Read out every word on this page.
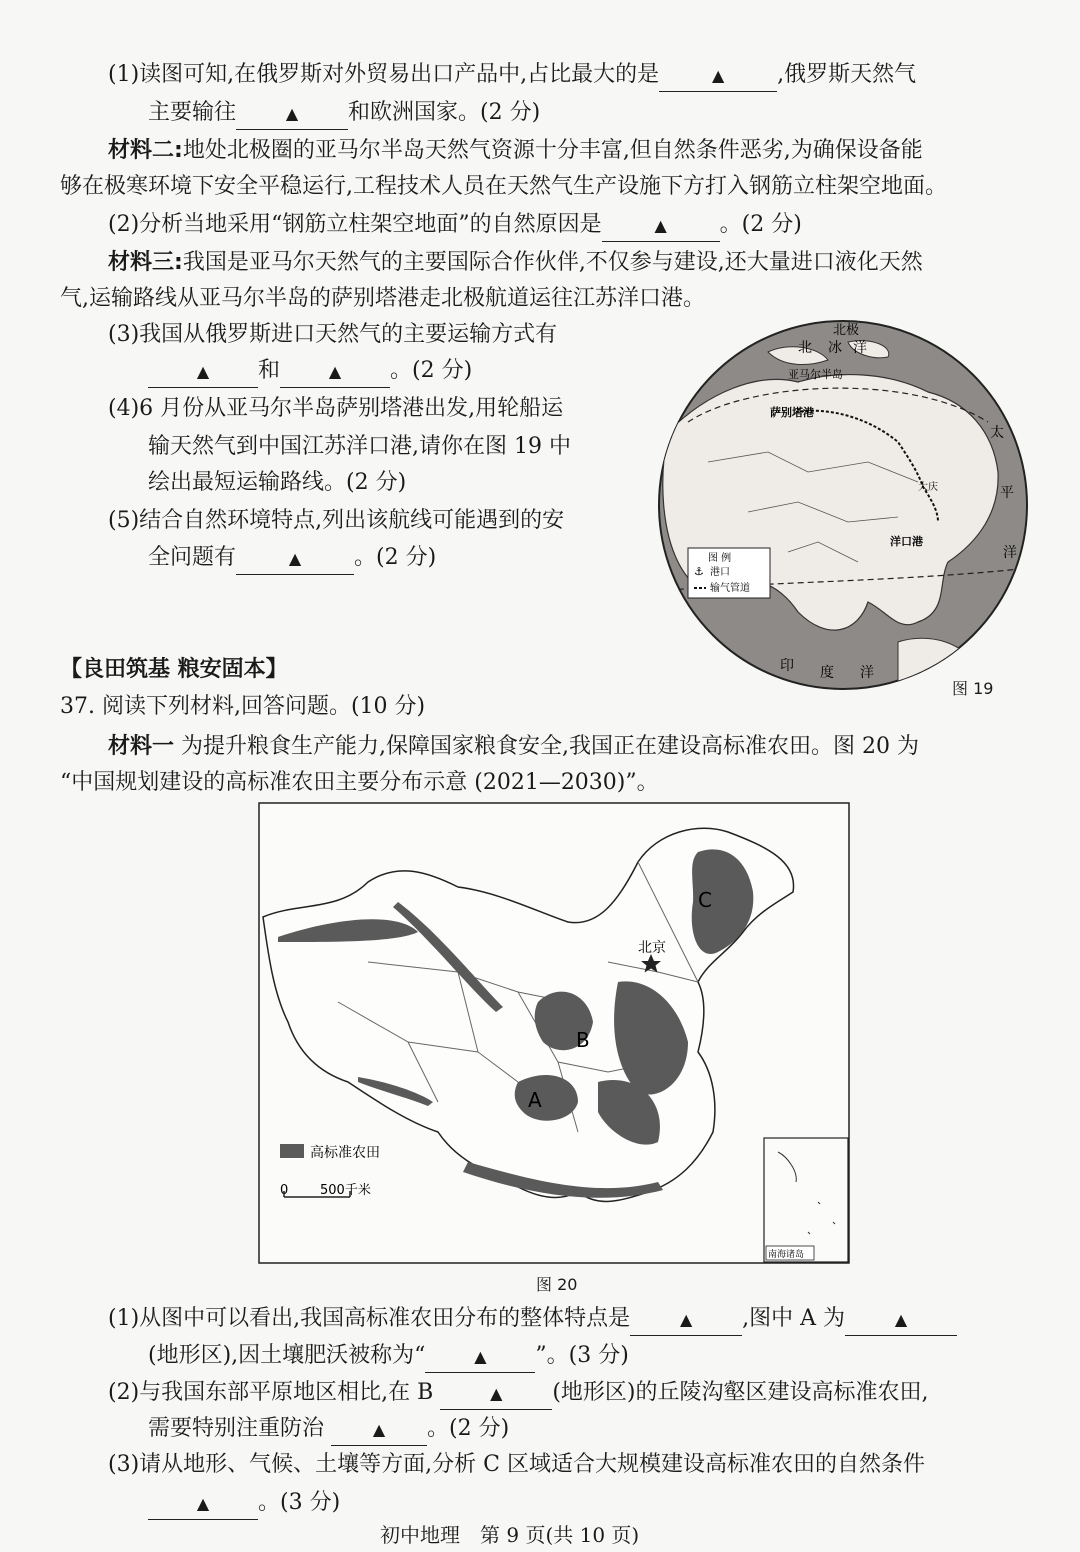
(1)读图可知,在俄罗斯对外贸易出口产品中,占比最大的是	▲ ,俄罗斯天然气
主要输往	▲ 和欧洲国家。(2 分)
材料二:地处北极圈的亚马尔半岛天然气资源十分丰富,但自然条件恶劣,为确保设备能
够在极寒环境下安全平稳运行,工程技术人员在天然气生产设施下方打入钢筋立柱架空地面。
(2)分析当地采用“钢筋立柱架空地面”的自然原因是	▲ 。(2 分)
材料三:我国是亚马尔天然气的主要国际合作伙伴,不仅参与建设,还大量进口液化天然
气,运输路线从亚马尔半岛的萨别塔港走北极航道运往江苏洋口港。
(3)我国从俄罗斯进口天然气的主要运输方式有
▲ 和	▲ 。(2 分)
(4)6 月份从亚马尔半岛萨别塔港出发,用轮船运
输天然气到中国江苏洋口港,请你在图 19 中
绘出最短运输路线。(2 分)
(5)结合自然环境特点,列出该航线可能遇到的安
全问题有	▲ 。(2 分)
北极
北 冰 洋
亚马尔半岛
萨别塔港
大庆
洋口港
太
平
洋
印 度 洋
图 例
⚓ 港口
输气管道
图 19
【良田筑基 粮安固本】
37. 阅读下列材料,回答问题。(10 分)
材料一 为提升粮食生产能力,保障国家粮食安全,我国正在建设高标准农田。图 20 为
“中国规划建设的高标准农田主要分布示意 (2021—2030)”。
北京
A
B
C
高标准农田
0 500千米
南海诸岛
图 20
(1)从图中可以看出,我国高标准农田分布的整体特点是	▲ ,图中 A 为	▲
(地形区),因土壤肥沃被称为“	▲ ”。(3 分)
(2)与我国东部平原地区相比,在 B	▲ (地形区)的丘陵沟壑区建设高标准农田,
需要特别注重防治	▲ 。(2 分)
(3)请从地形、气候、土壤等方面,分析 C 区域适合大规模建设高标准农田的自然条件
▲ 。(3 分)
初中地理　第 9 页(共 10 页)
